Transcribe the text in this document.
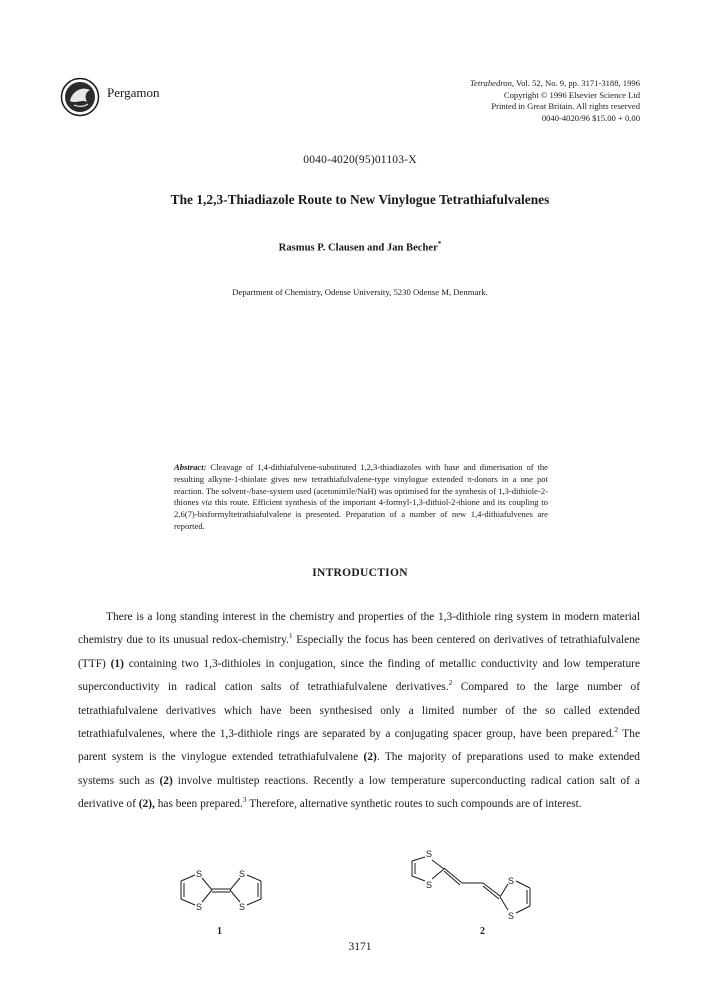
Pergamon
Tetrahedron, Vol. 52, No. 9, pp. 3171-3188, 1996
Copyright © 1996 Elsevier Science Ltd
Printed in Great Britain. All rights reserved
0040-4020/96 $15.00 + 0.00
0040-4020(95)01103-X
The 1,2,3-Thiadiazole Route to New Vinylogue Tetrathiafulvalenes
Rasmus P. Clausen and Jan Becher*
Department of Chemistry, Odense University, 5230 Odense M, Denmark.
Abstract: Cleavage of 1,4-dithiafulvene-substituted 1,2,3-thiadiazoles with base and dimerisation of the resulting alkyne-1-thiolate gives new tetrathiafulvalene-type vinylogue extended π-donors in a one pot reaction. The solvent-/base-system used (acetonitrile/NaH) was optimised for the synthesis of 1,3-dithiole-2-thiones via this route. Efficient synthesis of the important 4-formyl-1,3-dithiol-2-thione and its coupling to 2,6(7)-bisformyltetrathiafulvalene is presented. Preparation of a number of new 1,4-dithiafulvenes are reported.
INTRODUCTION
There is a long standing interest in the chemistry and properties of the 1,3-dithiole ring system in modern material chemistry due to its unusual redox-chemistry.$^1$ Especially the focus has been centered on derivatives of tetrathiafulvalene (TTF) (1) containing two 1,3-dithioles in conjugation, since the finding of metallic conductivity and low temperature superconductivity in radical cation salts of tetrathiafulvalene derivatives.$^2$ Compared to the large number of tetrathiafulvalene derivatives which have been synthesised only a limited number of the so called extended tetrathiafulvalenes, where the 1,3-dithiole rings are separated by a conjugating spacer group, have been prepared.$^2$ The parent system is the vinylogue extended tetrathiafulvalene (2). The majority of preparations used to make extended systems such as (2) involve multistep reactions. Recently a low temperature superconducting radical cation salt of a derivative of (2), has been prepared.$^3$ Therefore, alternative synthetic routes to such compounds are of interest.
S
S
S
S
1
S
S	S
S
2
3171
